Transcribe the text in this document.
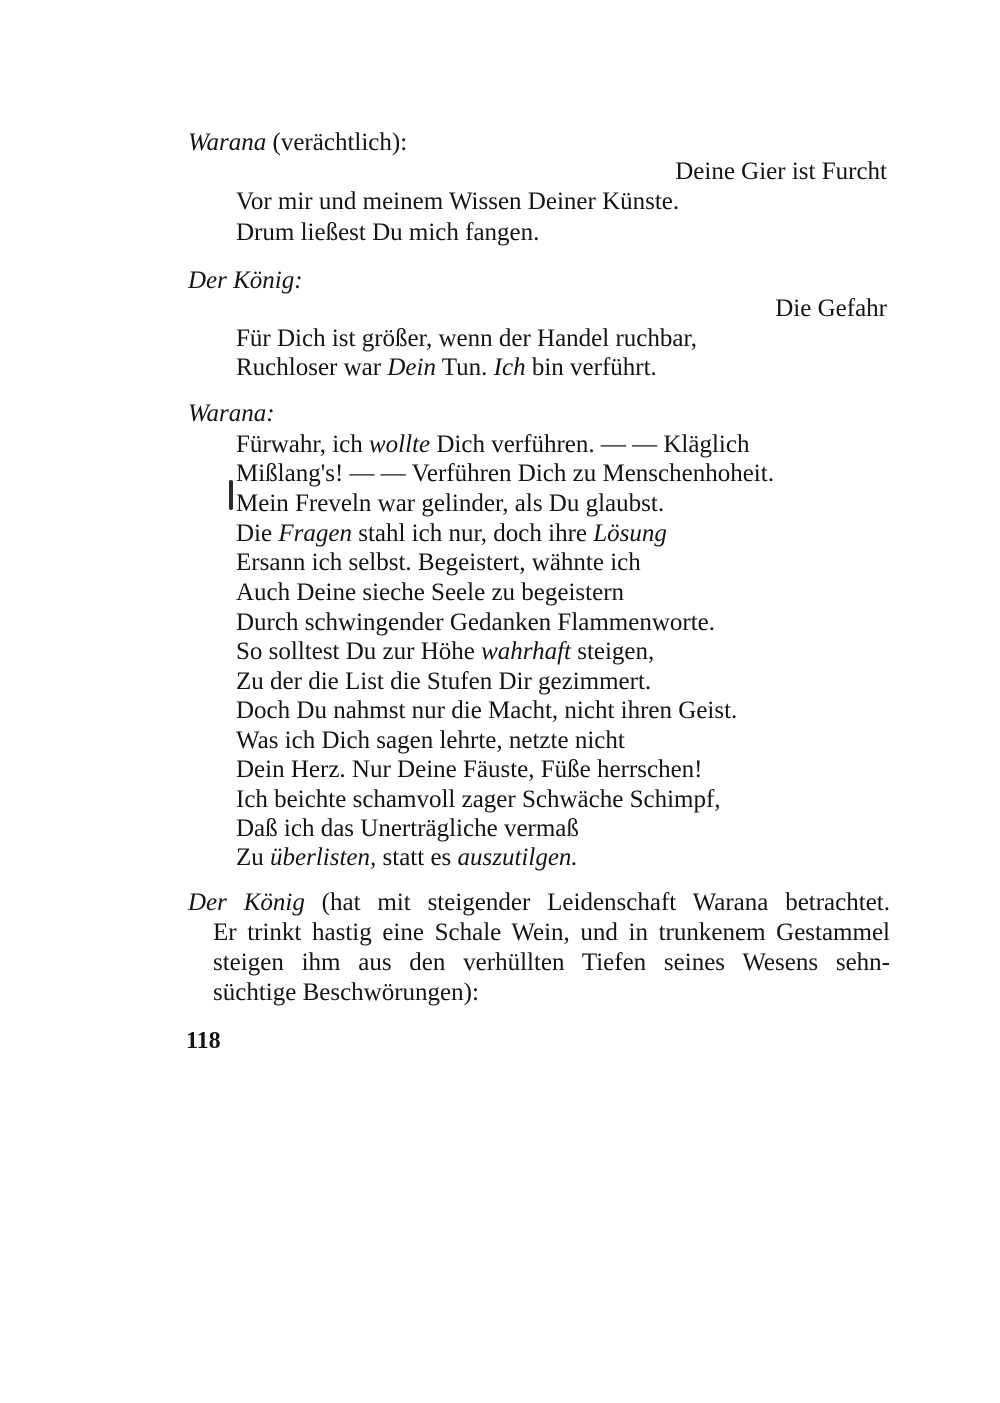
Warana (verächtlich):
Deine Gier ist Furcht
Vor mir und meinem Wissen Deiner Künste.
Drum ließest Du mich fangen.
Der König:
Die Gefahr
Für Dich ist größer, wenn der Handel ruchbar,
Ruchloser war Dein Tun. Ich bin verführt.
Warana:
Fürwahr, ich wollte Dich verführen. — — Kläglich
Mißlang's! — — Verführen Dich zu Menschenhoheit.
Mein Freveln war gelinder, als Du glaubst.
Die Fragen stahl ich nur, doch ihre Lösung
Ersann ich selbst. Begeistert, wähnte ich
Auch Deine sieche Seele zu begeistern
Durch schwingender Gedanken Flammenworte.
So solltest Du zur Höhe wahrhaft steigen,
Zu der die List die Stufen Dir gezimmert.
Doch Du nahmst nur die Macht, nicht ihren Geist.
Was ich Dich sagen lehrte, netzte nicht
Dein Herz. Nur Deine Fäuste, Füße herrschen!
Ich beichte schamvoll zager Schwäche Schimpf,
Daß ich das Unerträgliche vermaß
Zu überlisten, statt es auszutilgen.
Der König (hat mit steigender Leidenschaft Warana betrachtet.
Er trinkt hastig eine Schale Wein, und in trunkenem Gestammel
steigen ihm aus den verhüllten Tiefen seines Wesens sehn-
süchtige Beschwörungen):
118
